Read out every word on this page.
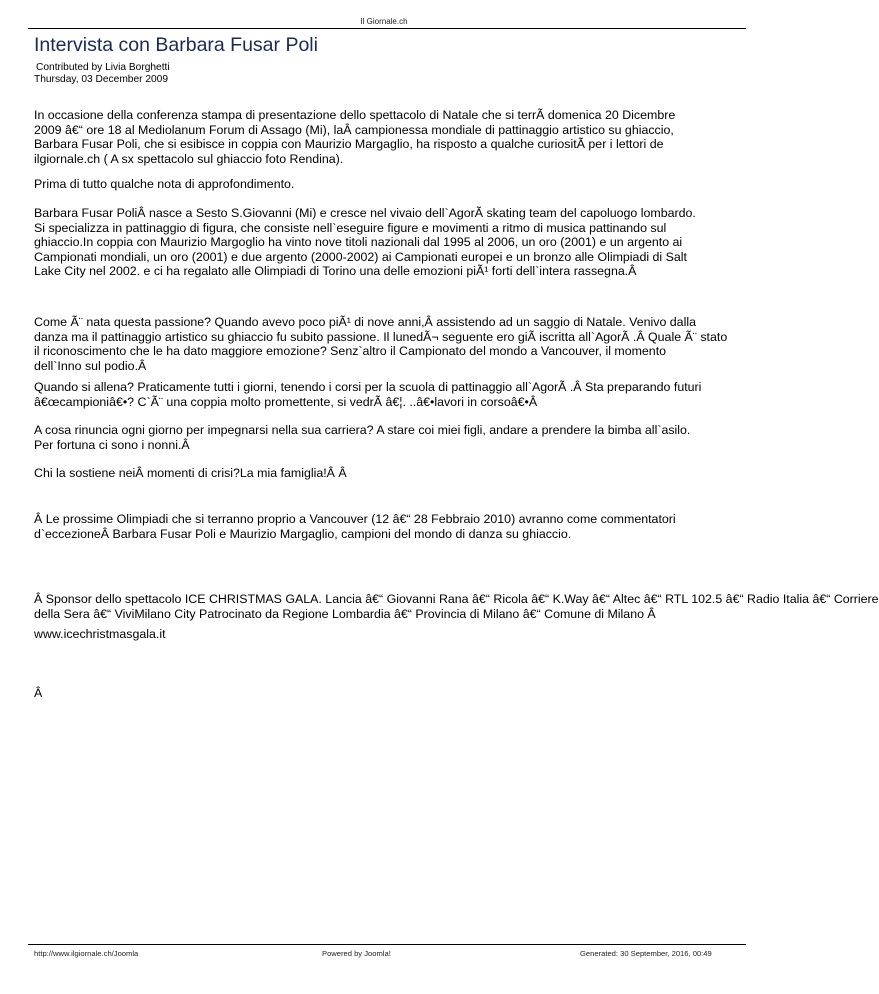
Il Giornale.ch
Intervista con Barbara Fusar Poli
Contributed by Livia Borghetti
Thursday, 03 December 2009

In occasione della conferenza stampa di presentazione dello spettacolo di Natale che si terrÃ domenica 20 Dicembre
2009 â€“ ore 18 al Mediolanum Forum di Assago (Mi), laÂ campionessa mondiale di pattinaggio artistico su ghiaccio,
Barbara Fusar Poli, che si esibisce in coppia con Maurizio Margaglio, ha risposto a qualche curiositÃ per i lettori de
ilgiornale.ch ( A sx spettacolo sul ghiaccio foto Rendina).

Prima di tutto qualche nota di approfondimento.

Barbara Fusar PoliÂ nasce a Sesto S.Giovanni (Mi) e cresce nel vivaio dell`AgorÃ skating team del capoluogo lombardo.
Si specializza in pattinaggio di figura, che consiste nell`eseguire figure e movimenti a ritmo di musica pattinando sul
ghiaccio.In coppia con Maurizio Margoglio ha vinto nove titoli nazionali dal 1995 al 2006, un oro (2001) e un argento ai
Campionati mondiali, un oro (2001) e due argento (2000-2002) ai Campionati europei e un bronzo alle Olimpiadi di Salt
Lake City nel 2002. e ci ha regalato alle Olimpiadi di Torino una delle emozioni piÃ¹ forti dell`intera rassegna.Â

Come Ã¨ nata questa passione? Quando avevo poco piÃ¹ di nove anni,Â assistendo ad un saggio di Natale. Venivo dalla
danza ma il pattinaggio artistico su ghiaccio fu subito passione. Il lunedÃ¬ seguente ero giÃ iscritta all`AgorÃ .Â Quale Ã¨ stato
il riconoscimento che le ha dato maggiore emozione? Senz`altro il Campionato del mondo a Vancouver, il momento
dell`Inno sul podio.Â

Quando si allena? Praticamente tutti i giorni, tenendo i corsi per la scuola di pattinaggio all`AgorÃ .Â Sta preparando futuri
â€œcampioniâ€•? C`Ã¨ una coppia molto promettente, si vedrÃ â€¦. ..â€•lavori in corsoâ€•Â

A cosa rinuncia ogni giorno per impegnarsi nella sua carriera? A stare coi miei figli, andare a prendere la bimba all`asilo.
Per fortuna ci sono i nonni.Â

Chi la sostiene neiÂ momenti di crisi?La mia famiglia!Â Â

Â Le prossime Olimpiadi che si terranno proprio a Vancouver (12 â€“ 28 Febbraio 2010) avranno come commentatori
d`eccezioneÂ Barbara Fusar Poli e Maurizio Margaglio, campioni del mondo di danza su ghiaccio.

Â Sponsor dello spettacolo ICE CHRISTMAS GALA. Lancia â€“ Giovanni Rana â€“ Ricola â€“ K.Way â€“ Altec â€“ RTL 102.5 â€“ Radio Italia â€“ Corriere
della Sera â€“ ViviMilano City Patrocinato da Regione Lombardia â€“ Provincia di Milano â€“ Comune di Milano Â

www.icechristmasgala.it

Â

http://www.ilgiornale.ch/Joomla	Powered by Joomla!	Generated: 30 September, 2016, 00:49
